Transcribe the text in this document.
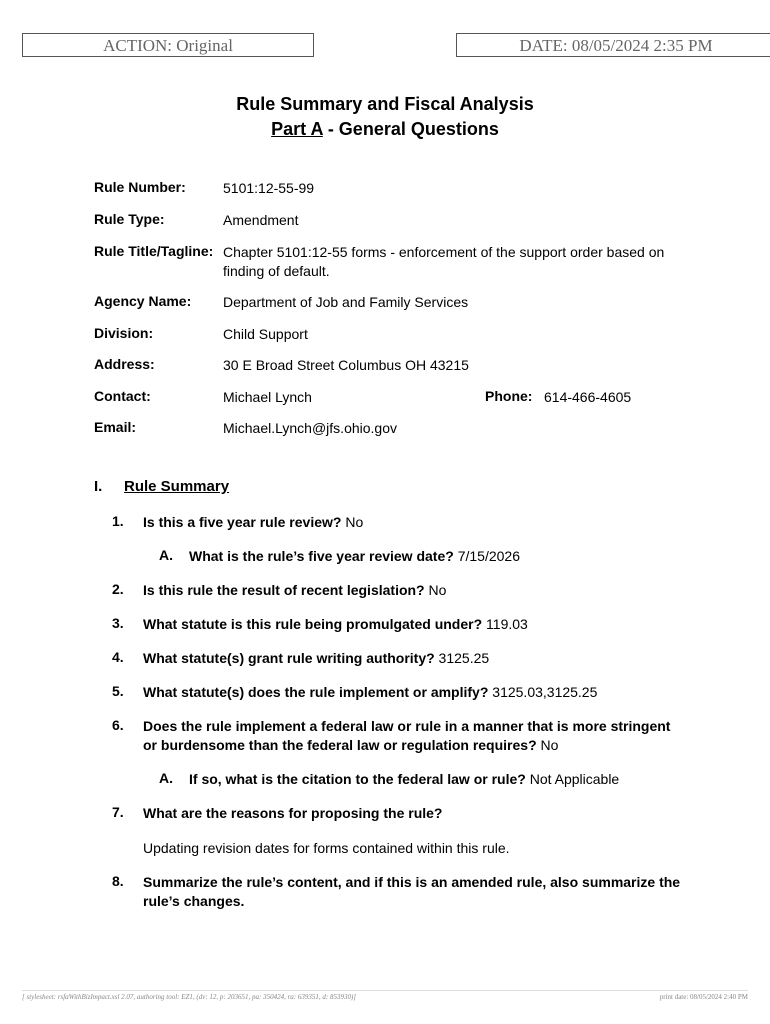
ACTION: Original	DATE: 08/05/2024 2:35 PM
Rule Summary and Fiscal Analysis
Part A - General Questions
Rule Number:	5101:12-55-99
Rule Type:	Amendment
Rule Title/Tagline: Chapter 5101:12-55 forms - enforcement of the support order based on finding of default.
Agency Name: Department of Job and Family Services
Division:	Child Support
Address:	30 E Broad Street Columbus OH 43215
Contact:	Michael Lynch	Phone: 614-466-4605
Email:	Michael.Lynch@jfs.ohio.gov
I. Rule Summary
1. Is this a five year rule review? No
A. What is the rule’s five year review date? 7/15/2026
2. Is this rule the result of recent legislation? No
3. What statute is this rule being promulgated under? 119.03
4. What statute(s) grant rule writing authority? 3125.25
5. What statute(s) does the rule implement or amplify? 3125.03,3125.25
6. Does the rule implement a federal law or rule in a manner that is more stringent or burdensome than the federal law or regulation requires? No
A. If so, what is the citation to the federal law or rule? Not Applicable
7. What are the reasons for proposing the rule?
Updating revision dates for forms contained within this rule.
8. Summarize the rule’s content, and if this is an amended rule, also summarize the rule’s changes.
[ stylesheet: rsfaWithBizImpact.xsl 2.07, authoring tool: EZ1, (dv: 12, p: 203651, pa: 350424, ra: 639351, d: 853930)]	print date: 08/05/2024 2:40 PM
